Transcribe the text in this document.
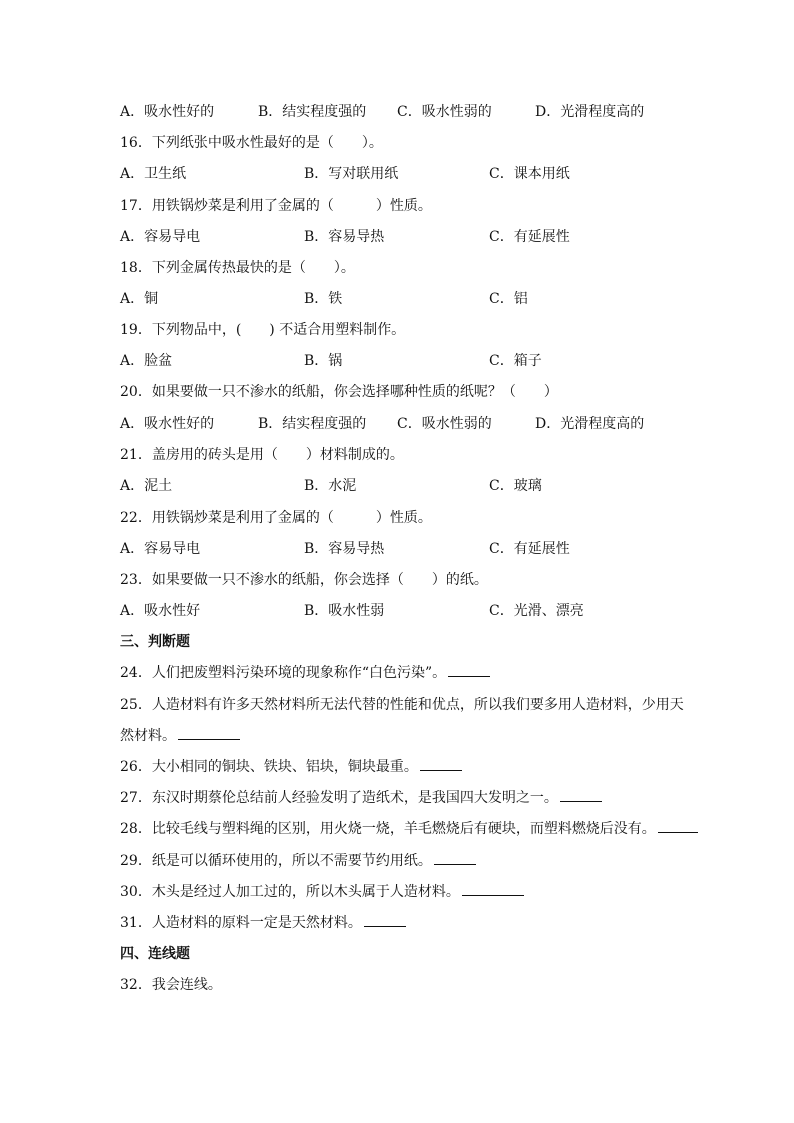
A．吸水性好的	B．结实程度强的 C．吸水性弱的	D．光滑程度高的
16．下列纸张中吸水性最好的是（　　）。
A．卫生纸	B．写对联用纸	C．课本用纸
17．用铁锅炒菜是利用了金属的（　　　）性质。
A．容易导电	B．容易导热	C．有延展性
18．下列金属传热最快的是（　　）。
A．铜	B．铁	C．铝
19．下列物品中，(　　) 不适合用塑料制作。
A．脸盆	B．锅	C．箱子
20．如果要做一只不渗水的纸船，你会选择哪种性质的纸呢？（　　）
A．吸水性好的	B．结实程度强的 C．吸水性弱的	D．光滑程度高的
21．盖房用的砖头是用（　　）材料制成的。
A．泥土	B．水泥	C．玻璃
22．用铁锅炒菜是利用了金属的（　　　）性质。
A．容易导电	B．容易导热	C．有延展性
23．如果要做一只不渗水的纸船，你会选择（　　）的纸。
A．吸水性好	B．吸水性弱	C．光滑、漂亮
三、判断题
24．人们把废塑料污染环境的现象称作“白色污染”。
25．人造材料有许多天然材料所无法代替的性能和优点，所以我们要多用人造材料，少用天
然材料。
26．大小相同的铜块、铁块、铝块，铜块最重。
27．东汉时期蔡伦总结前人经验发明了造纸术，是我国四大发明之一。
28．比较毛线与塑料绳的区别，用火烧一烧，羊毛燃烧后有硬块，而塑料燃烧后没有。
29．纸是可以循环使用的，所以不需要节约用纸。
30．木头是经过人加工过的，所以木头属于人造材料。
31．人造材料的原料一定是天然材料。
四、连线题
32．我会连线。
